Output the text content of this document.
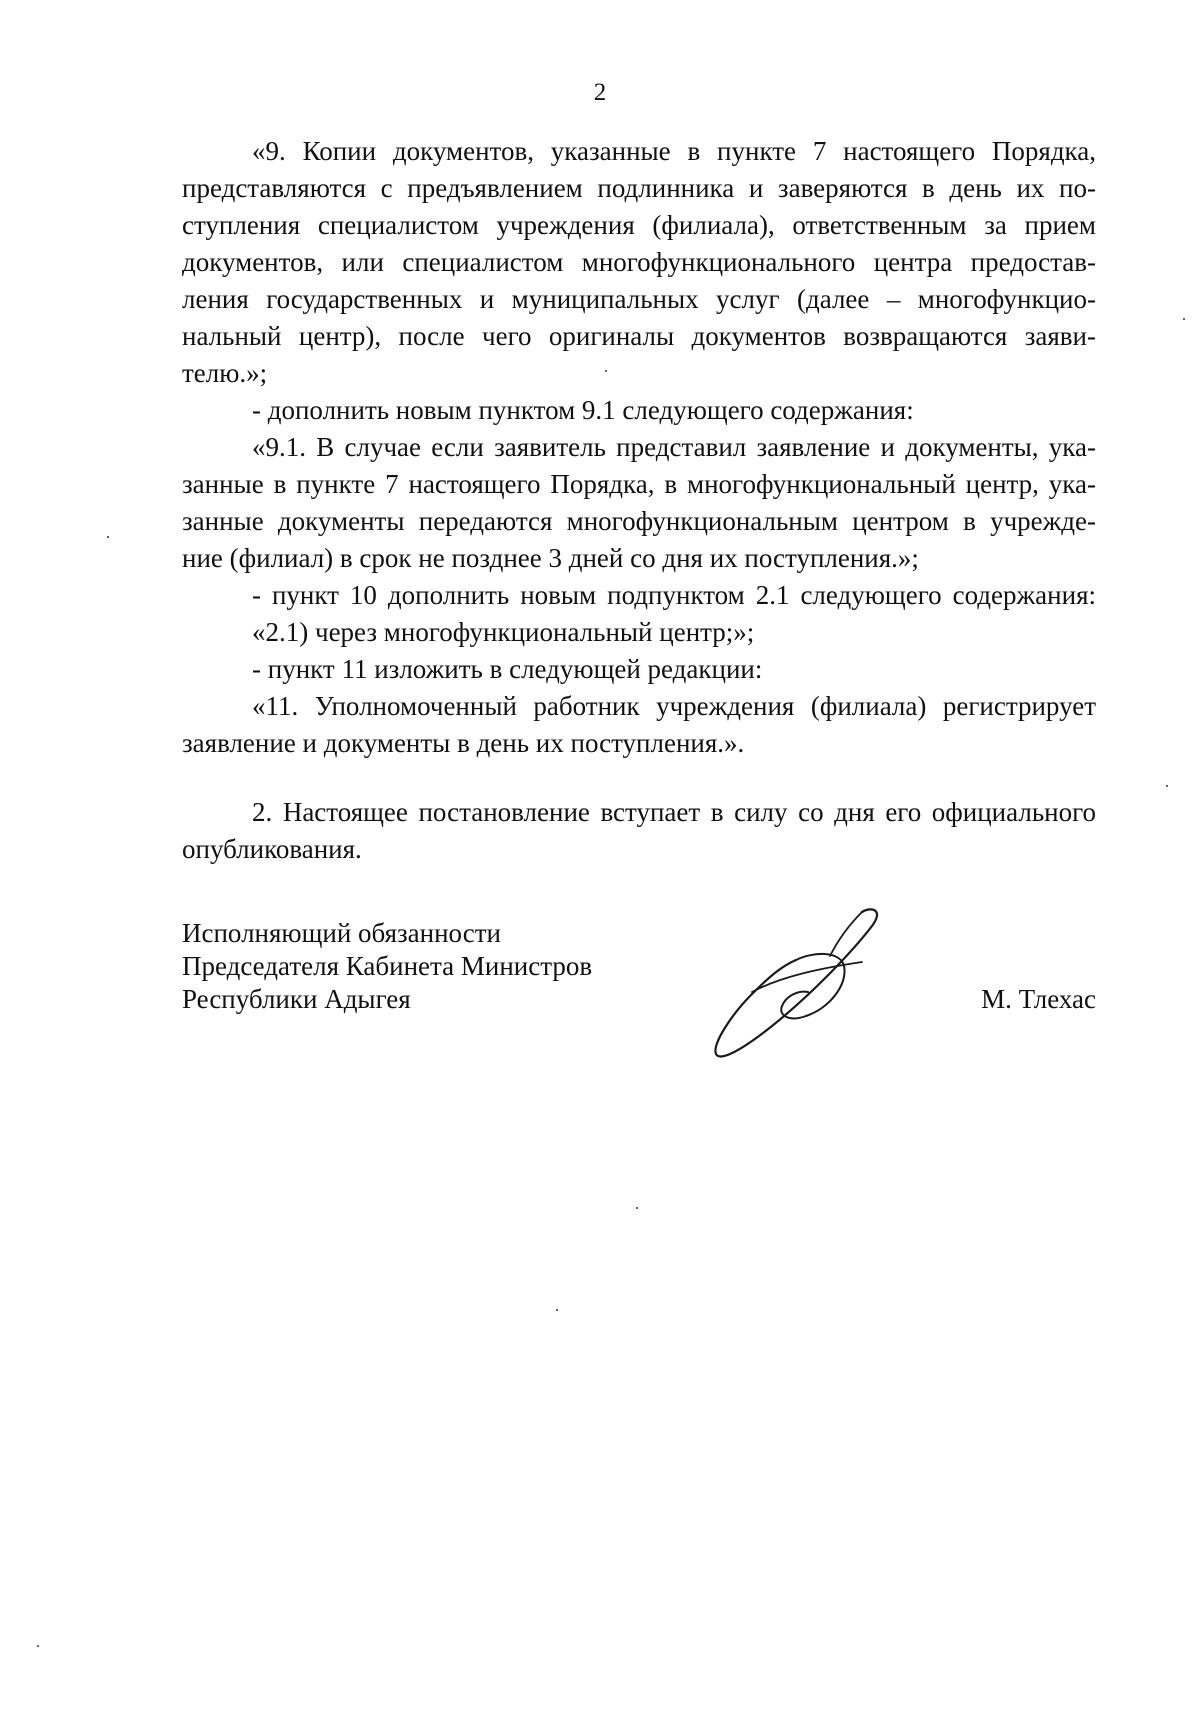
2
«9. Копии документов, указанные в пункте 7 настоящего Порядка,
представляются с предъявлением подлинника и заверяются в день их по-
ступления специалистом учреждения (филиала), ответственным за прием
документов, или специалистом многофункционального центра предостав-
ления государственных и муниципальных услуг (далее – многофункцио-
нальный центр), после чего оригиналы документов возвращаются заяви-
телю.»;
- дополнить новым пунктом 9.1 следующего содержания:
«9.1. В случае если заявитель представил заявление и документы, ука-
занные в пункте 7 настоящего Порядка, в многофункциональный центр, ука-
занные документы передаются многофункциональным центром в учрежде-
ние (филиал) в срок не позднее 3 дней со дня их поступления.»;
- пункт 10 дополнить новым подпунктом 2.1 следующего содержания:
«2.1) через многофункциональный центр;»;
- пункт 11 изложить в следующей редакции:
«11. Уполномоченный работник учреждения (филиала) регистрирует
заявление и документы в день их поступления.».
2. Настоящее постановление вступает в силу со дня его официального
опубликования.
Исполняющий обязанности
Председателя Кабинета Министров
Республики Адыгея	М. Тлехас
